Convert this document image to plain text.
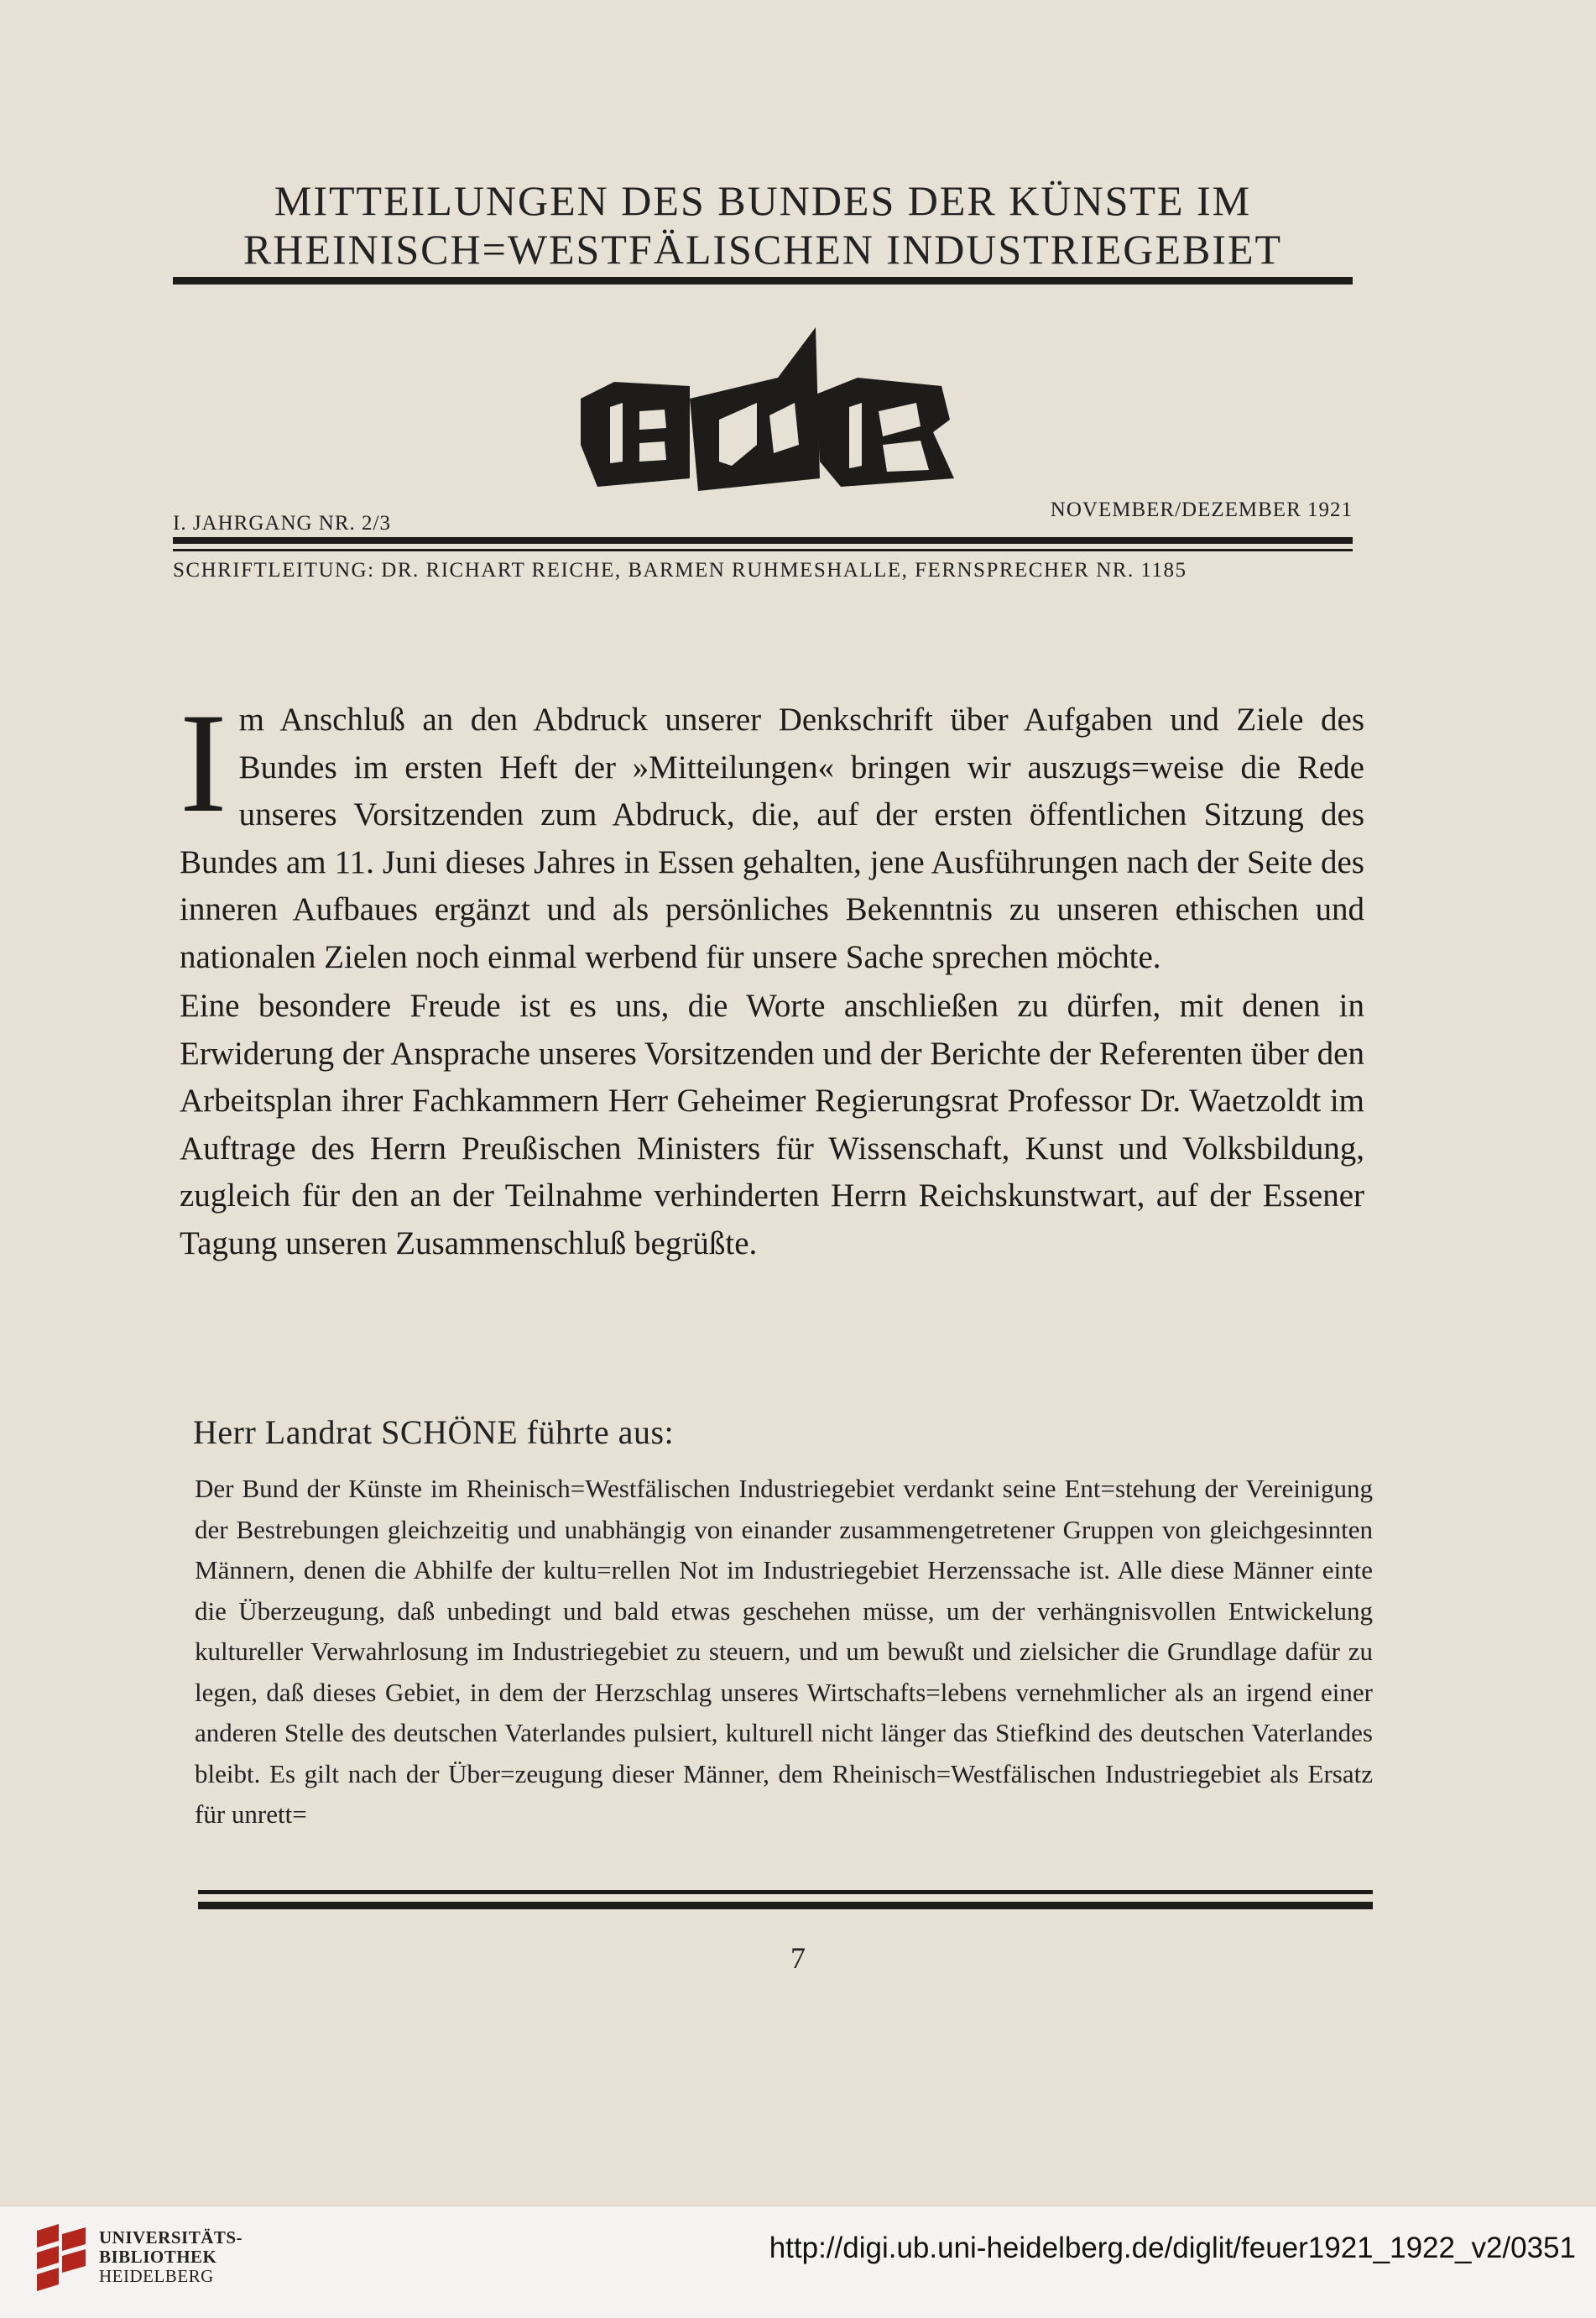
MITTEILUNGEN DES BUNDES DER KÜNSTE IM
RHEINISCH=WESTFÄLISCHEN INDUSTRIEGEBIET
I. JAHRGANG NR. 2/3
NOVEMBER/DEZEMBER 1921
SCHRIFTLEITUNG: DR. RICHART REICHE, BARMEN RUHMESHALLE, FERNSPRECHER NR. 1185

Im Anschluß an den Abdruck unserer Denkschrift über Aufgaben und Ziele des Bundes im ersten Heft der »Mitteilungen« bringen wir auszugs=weise die Rede unseres Vorsitzenden zum Abdruck, die, auf der ersten öffentlichen Sitzung des Bundes am 11. Juni dieses Jahres in Essen gehalten, jene Ausführungen nach der Seite des inneren Aufbaues ergänzt und als persönliches Bekenntnis zu unseren ethischen und nationalen Zielen noch einmal werbend für unsere Sache sprechen möchte.

Eine besondere Freude ist es uns, die Worte anschließen zu dürfen, mit denen in Erwiderung der Ansprache unseres Vorsitzenden und der Berichte der Referenten über den Arbeitsplan ihrer Fachkammern Herr Geheimer Regierungsrat Professor Dr. Waetzoldt im Auftrage des Herrn Preußischen Ministers für Wissenschaft, Kunst und Volksbildung, zugleich für den an der Teilnahme verhinderten Herrn Reichskunstwart, auf der Essener Tagung unseren Zusammenschluß begrüßte.

Herr Landrat SCHÖNE führte aus:

Der Bund der Künste im Rheinisch=Westfälischen Industriegebiet verdankt seine Ent=stehung der Vereinigung der Bestrebungen gleichzeitig und unabhängig von einander zusammengetretener Gruppen von gleichgesinnten Männern, denen die Abhilfe der kultu=rellen Not im Industriegebiet Herzenssache ist. Alle diese Männer einte die Überzeugung, daß unbedingt und bald etwas geschehen müsse, um der verhängnisvollen Entwickelung kultureller Verwahrlosung im Industriegebiet zu steuern, und um bewußt und zielsicher die Grundlage dafür zu legen, daß dieses Gebiet, in dem der Herzschlag unseres Wirtschafts=lebens vernehmlicher als an irgend einer anderen Stelle des deutschen Vaterlandes pulsiert, kulturell nicht länger das Stiefkind des deutschen Vaterlandes bleibt. Es gilt nach der Über=zeugung dieser Männer, dem Rheinisch=Westfälischen Industriegebiet als Ersatz für unrett=

7
UNIVERSITÄTS-
BIBLIOTHEK
HEIDELBERG
http://digi.ub.uni-heidelberg.de/diglit/feuer1921_1922_v2/0351
